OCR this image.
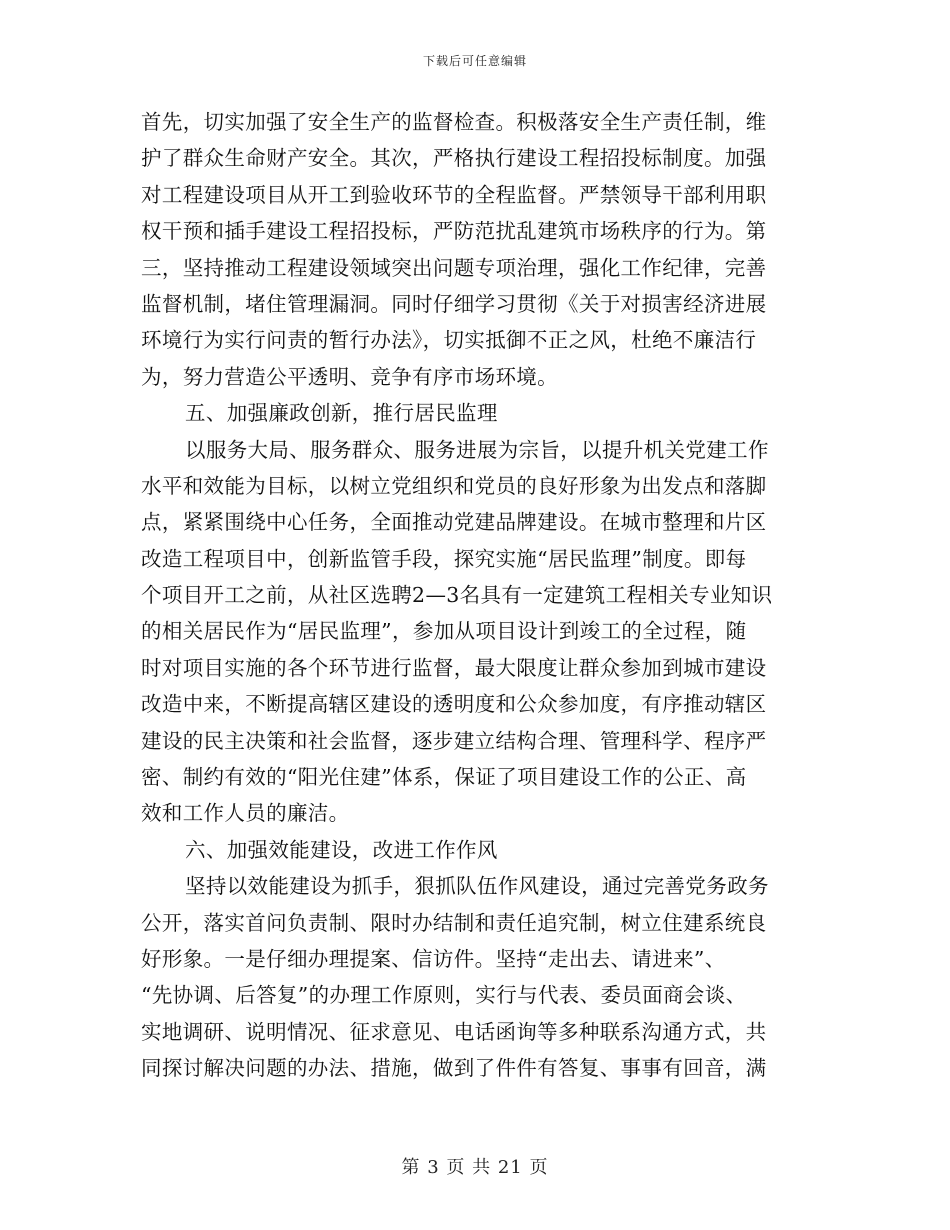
下载后可任意编辑
首先，切实加强了安全生产的监督检查。积极落安全生产责任制，维
护了群众生命财产安全。其次，严格执行建设工程招投标制度。加强
对工程建设项目从开工到验收环节的全程监督。严禁领导干部利用职
权干预和插手建设工程招投标，严防范扰乱建筑市场秩序的行为。第
三，坚持推动工程建设领域突出问题专项治理，强化工作纪律，完善
监督机制，堵住管理漏洞。同时仔细学习贯彻《关于对损害经济进展
环境行为实行问责的暂行办法》，切实抵御不正之风，杜绝不廉洁行
为，努力营造公平透明、竞争有序市场环境。
五、加强廉政创新，推行居民监理
以服务大局、服务群众、服务进展为宗旨，以提升机关党建工作
水平和效能为目标，以树立党组织和党员的良好形象为出发点和落脚
点，紧紧围绕中心任务，全面推动党建品牌建设。在城市整理和片区
改造工程项目中，创新监管手段，探究实施“居民监理”制度。即每
个项目开工之前，从社区选聘2—3名具有一定建筑工程相关专业知识
的相关居民作为“居民监理”，参加从项目设计到竣工的全过程，随
时对项目实施的各个环节进行监督，最大限度让群众参加到城市建设
改造中来，不断提高辖区建设的透明度和公众参加度，有序推动辖区
建设的民主决策和社会监督，逐步建立结构合理、管理科学、程序严
密、制约有效的“阳光住建”体系，保证了项目建设工作的公正、高
效和工作人员的廉洁。
六、加强效能建设，改进工作作风
坚持以效能建设为抓手，狠抓队伍作风建设，通过完善党务政务
公开，落实首问负责制、限时办结制和责任追究制，树立住建系统良
好形象。一是仔细办理提案、信访件。坚持“走出去、请进来”、
“先协调、后答复”的办理工作原则，实行与代表、委员面商会谈、
实地调研、说明情况、征求意见、电话函询等多种联系沟通方式，共
同探讨解决问题的办法、措施，做到了件件有答复、事事有回音，满
第 3 页 共 21 页
